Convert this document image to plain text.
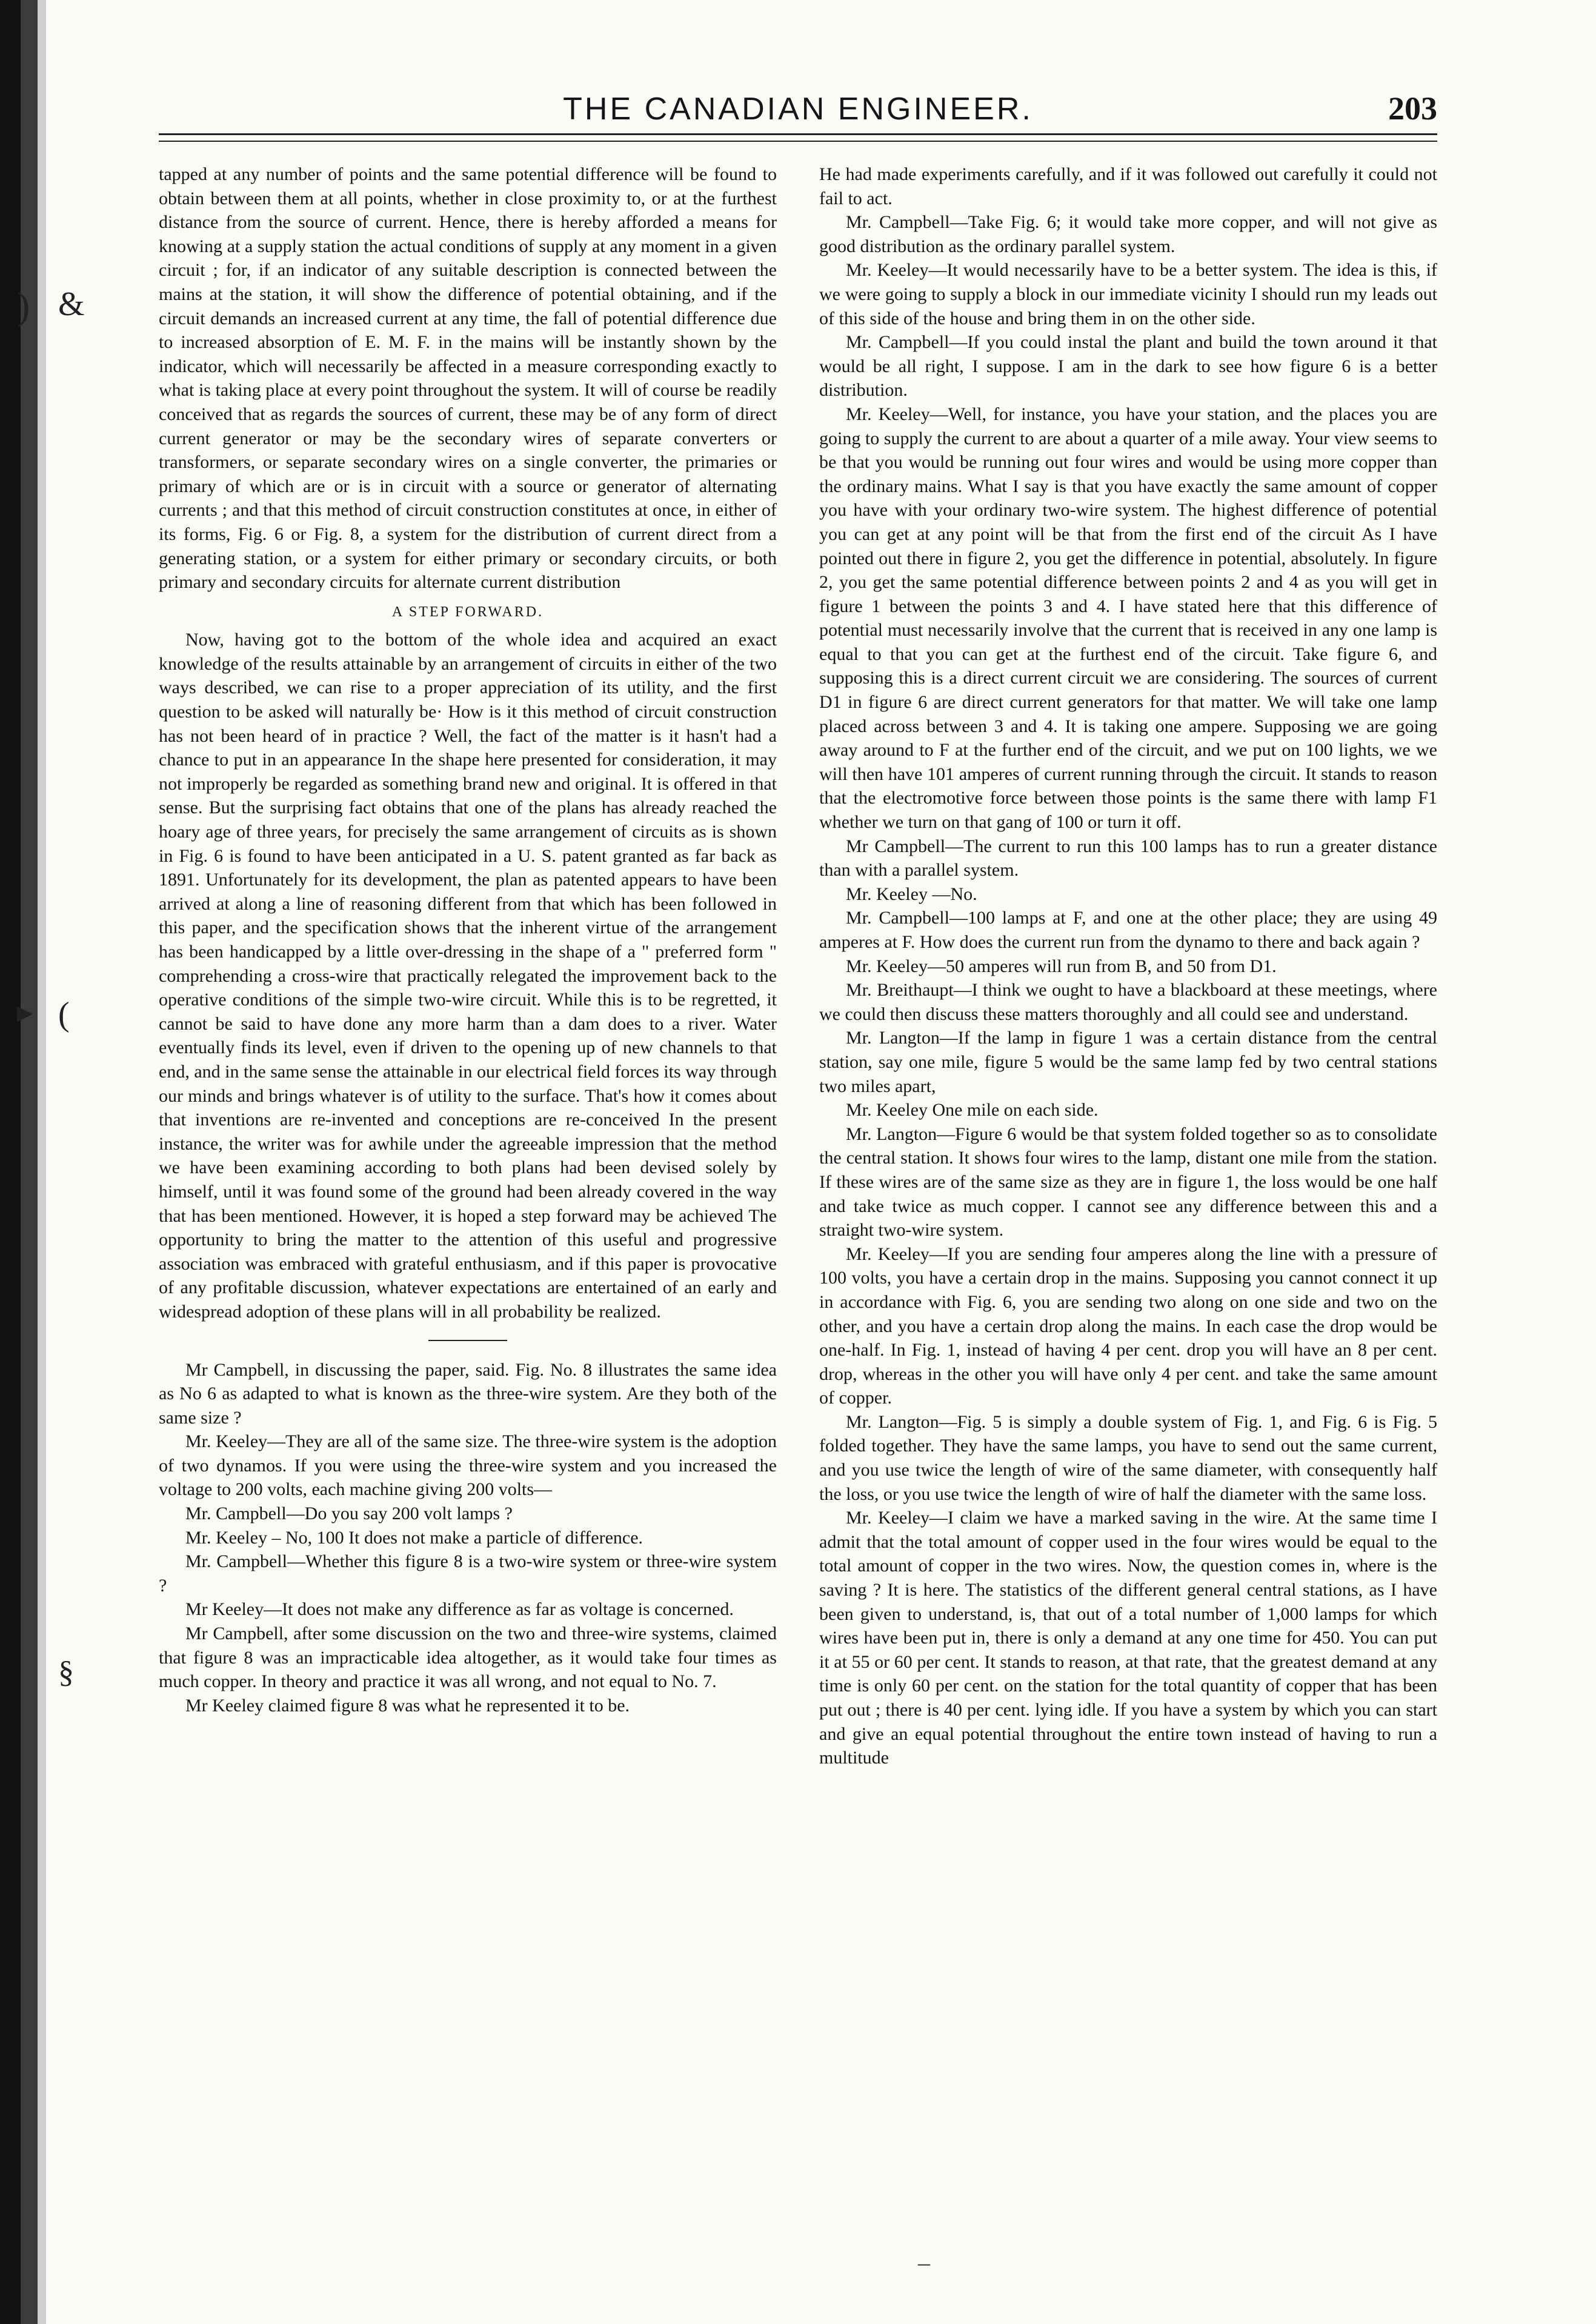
) &
▸ (
§
THE CANADIAN ENGINEER.	203

tapped at any number of points and the same potential difference will be found to obtain between them at all points, whether in close proximity to, or at the furthest distance from the source of current. Hence, there is hereby afforded a means for knowing at a supply station the actual conditions of supply at any moment in a given circuit ; for, if an indicator of any suitable description is connected between the mains at the station, it will show the difference of potential obtaining, and if the circuit demands an increased current at any time, the fall of potential difference due to increased absorption of E. M. F. in the mains will be instantly shown by the indicator, which will necessarily be affected in a measure corresponding exactly to what is taking place at every point throughout the system. It will of course be readily conceived that as regards the sources of current, these may be of any form of direct current generator or may be the secondary wires of separate converters or transformers, or separate secondary wires on a single converter, the primaries or primary of which are or is in circuit with a source or generator of alternating currents ; and that this method of circuit construction constitutes at once, in either of its forms, Fig. 6 or Fig. 8, a system for the distribution of current direct from a generating station, or a system for either primary or secondary circuits, or both primary and secondary circuits for alternate current distribution

A STEP FORWARD.

Now, having got to the bottom of the whole idea and acquired an exact knowledge of the results attainable by an arrangement of circuits in either of the two ways described, we can rise to a proper appreciation of its utility, and the first question to be asked will naturally be· How is it this method of circuit construction has not been heard of in practice ? Well, the fact of the matter is it hasn't had a chance to put in an appearance In the shape here presented for consideration, it may not improperly be regarded as something brand new and original. It is offered in that sense. But the surprising fact obtains that one of the plans has already reached the hoary age of three years, for precisely the same arrangement of circuits as is shown in Fig. 6 is found to have been anticipated in a U. S. patent granted as far back as 1891. Unfortunately for its development, the plan as patented appears to have been arrived at along a line of reasoning different from that which has been followed in this paper, and the specification shows that the inherent virtue of the arrangement has been handicapped by a little over-dressing in the shape of a " preferred form " comprehending a cross-wire that practically relegated the improvement back to the operative conditions of the simple two-wire circuit. While this is to be regretted, it cannot be said to have done any more harm than a dam does to a river. Water eventually finds its level, even if driven to the opening up of new channels to that end, and in the same sense the attainable in our electrical field forces its way through our minds and brings whatever is of utility to the surface. That's how it comes about that inventions are re-invented and conceptions are re-conceived In the present instance, the writer was for awhile under the agreeable impression that the method we have been examining according to both plans had been devised solely by himself, until it was found some of the ground had been already covered in the way that has been mentioned. However, it is hoped a step forward may be achieved The opportunity to bring the matter to the attention of this useful and progressive association was embraced with grateful enthusiasm, and if this paper is provocative of any profitable discussion, whatever expectations are entertained of an early and widespread adoption of these plans will in all probability be realized.

Mr Campbell, in discussing the paper, said. Fig. No. 8 illustrates the same idea as No 6 as adapted to what is known as the three-wire system. Are they both of the same size ?

Mr. Keeley—They are all of the same size. The three-wire system is the adoption of two dynamos. If you were using the three-wire system and you increased the voltage to 200 volts, each machine giving 200 volts—

Mr. Campbell—Do you say 200 volt lamps ?

Mr. Keeley – No, 100 It does not make a particle of difference.

Mr. Campbell—Whether this figure 8 is a two-wire system or three-wire system ?

Mr Keeley—It does not make any difference as far as voltage is concerned.

Mr Campbell, after some discussion on the two and three-wire systems, claimed that figure 8 was an impracticable idea altogether, as it would take four times as much copper. In theory and practice it was all wrong, and not equal to No. 7.

Mr Keeley claimed figure 8 was what he represented it to be.

He had made experiments carefully, and if it was followed out carefully it could not fail to act.

Mr. Campbell—Take Fig. 6; it would take more copper, and will not give as good distribution as the ordinary parallel system.

Mr. Keeley—It would necessarily have to be a better system. The idea is this, if we were going to supply a block in our immediate vicinity I should run my leads out of this side of the house and bring them in on the other side.

Mr. Campbell—If you could instal the plant and build the town around it that would be all right, I suppose. I am in the dark to see how figure 6 is a better distribution.

Mr. Keeley—Well, for instance, you have your station, and the places you are going to supply the current to are about a quarter of a mile away. Your view seems to be that you would be running out four wires and would be using more copper than the ordinary mains. What I say is that you have exactly the same amount of copper you have with your ordinary two-wire system. The highest difference of potential you can get at any point will be that from the first end of the circuit As I have pointed out there in figure 2, you get the difference in potential, absolutely. In figure 2, you get the same potential difference between points 2 and 4 as you will get in figure 1 between the points 3 and 4. I have stated here that this difference of potential must necessarily involve that the current that is received in any one lamp is equal to that you can get at the furthest end of the circuit. Take figure 6, and supposing this is a direct current circuit we are considering. The sources of current D1 in figure 6 are direct current generators for that matter. We will take one lamp placed across between 3 and 4. It is taking one ampere. Supposing we are going away around to F at the further end of the circuit, and we put on 100 lights, we we will then have 101 amperes of current running through the circuit. It stands to reason that the electromotive force between those points is the same there with lamp F1 whether we turn on that gang of 100 or turn it off.

Mr Campbell—The current to run this 100 lamps has to run a greater distance than with a parallel system.

Mr. Keeley —No.

Mr. Campbell—100 lamps at F, and one at the other place; they are using 49 amperes at F. How does the current run from the dynamo to there and back again ?

Mr. Keeley—50 amperes will run from B, and 50 from D1.

Mr. Breithaupt—I think we ought to have a blackboard at these meetings, where we could then discuss these matters thoroughly and all could see and understand.

Mr. Langton—If the lamp in figure 1 was a certain distance from the central station, say one mile, figure 5 would be the same lamp fed by two central stations two miles apart,

Mr. Keeley One mile on each side.

Mr. Langton—Figure 6 would be that system folded together so as to consolidate the central station. It shows four wires to the lamp, distant one mile from the station. If these wires are of the same size as they are in figure 1, the loss would be one half and take twice as much copper. I cannot see any difference between this and a straight two-wire system.

Mr. Keeley—If you are sending four amperes along the line with a pressure of 100 volts, you have a certain drop in the mains. Supposing you cannot connect it up in accordance with Fig. 6, you are sending two along on one side and two on the other, and you have a certain drop along the mains. In each case the drop would be one-half. In Fig. 1, instead of having 4 per cent. drop you will have an 8 per cent. drop, whereas in the other you will have only 4 per cent. and take the same amount of copper.

Mr. Langton—Fig. 5 is simply a double system of Fig. 1, and Fig. 6 is Fig. 5 folded together. They have the same lamps, you have to send out the same current, and you use twice the length of wire of the same diameter, with consequently half the loss, or you use twice the length of wire of half the diameter with the same loss.

Mr. Keeley—I claim we have a marked saving in the wire. At the same time I admit that the total amount of copper used in the four wires would be equal to the total amount of copper in the two wires. Now, the question comes in, where is the saving ? It is here. The statistics of the different general central stations, as I have been given to understand, is, that out of a total number of 1,000 lamps for which wires have been put in, there is only a demand at any one time for 450. You can put it at 55 or 60 per cent. It stands to reason, at that rate, that the greatest demand at any time is only 60 per cent. on the station for the total quantity of copper that has been put out ; there is 40 per cent. lying idle. If you have a system by which you can start and give an equal potential throughout the entire town instead of having to run a multitude

–
